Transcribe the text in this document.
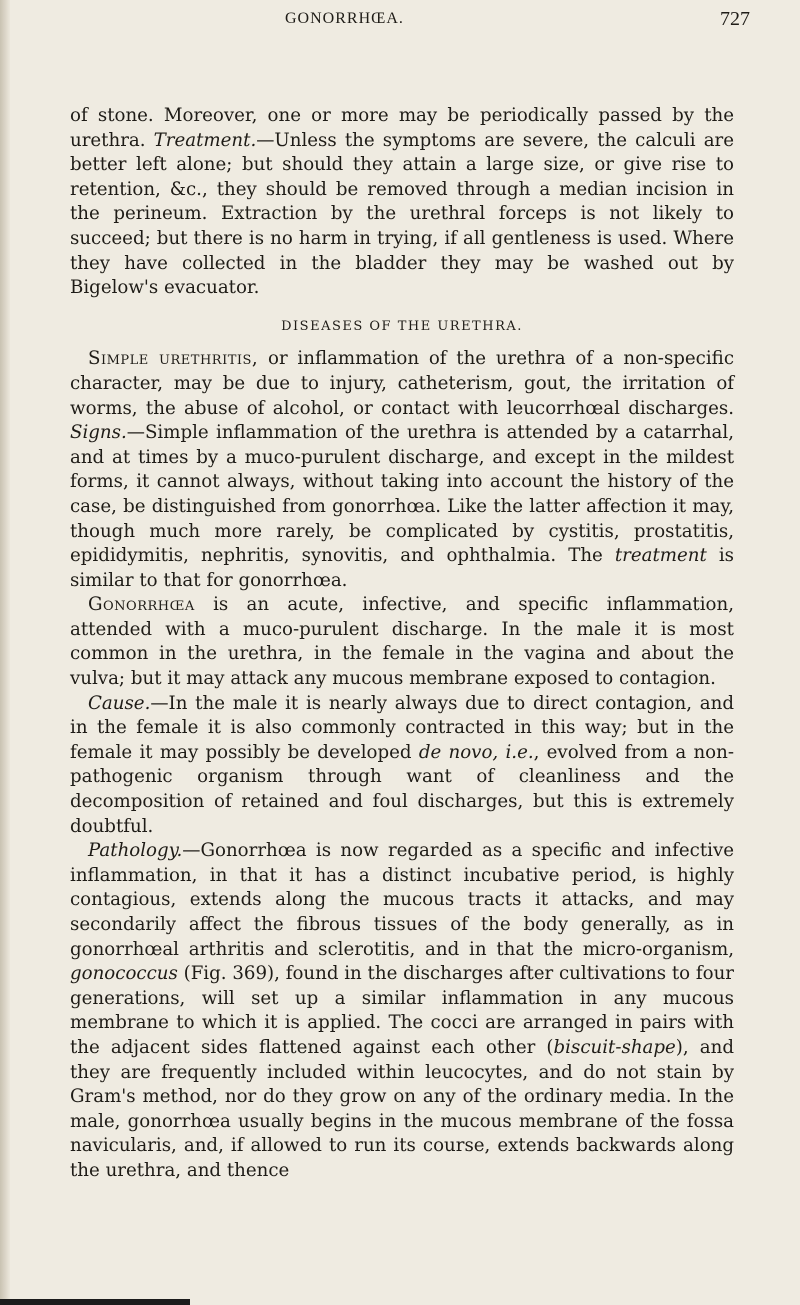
GONORRHŒA.	727

of stone. Moreover, one or more may be periodically passed by the urethra. Treatment.—Unless the symptoms are severe, the calculi are better left alone; but should they attain a large size, or give rise to retention, &c., they should be removed through a median incision in the perineum. Extraction by the urethral forceps is not likely to succeed; but there is no harm in trying, if all gentleness is used. Where they have collected in the bladder they may be washed out by Bigelow's evacuator.

DISEASES OF THE URETHRA.

Simple urethritis, or inflammation of the urethra of a non-specific character, may be due to injury, catheterism, gout, the irritation of worms, the abuse of alcohol, or contact with leucorrhœal discharges. Signs.—Simple inflammation of the urethra is attended by a catarrhal, and at times by a muco-purulent discharge, and except in the mildest forms, it cannot always, without taking into account the history of the case, be distinguished from gonorrhœa. Like the latter affection it may, though much more rarely, be complicated by cystitis, prostatitis, epididymitis, nephritis, synovitis, and ophthalmia. The treatment is similar to that for gonorrhœa.

Gonorrhœa is an acute, infective, and specific inflammation, attended with a muco-purulent discharge. In the male it is most common in the urethra, in the female in the vagina and about the vulva; but it may attack any mucous membrane exposed to contagion.

Cause.—In the male it is nearly always due to direct contagion, and in the female it is also commonly contracted in this way; but in the female it may possibly be developed de novo, i.e., evolved from a non-pathogenic organism through want of cleanliness and the decomposition of retained and foul discharges, but this is extremely doubtful.

Pathology.—Gonorrhœa is now regarded as a specific and infective inflammation, in that it has a distinct incubative period, is highly contagious, extends along the mucous tracts it attacks, and may secondarily affect the fibrous tissues of the body generally, as in gonorrhœal arthritis and sclerotitis, and in that the micro-organism, gonococcus (Fig. 369), found in the discharges after cultivations to four generations, will set up a similar inflammation in any mucous membrane to which it is applied. The cocci are arranged in pairs with the adjacent sides flattened against each other (biscuit-shape), and they are frequently included within leucocytes, and do not stain by Gram's method, nor do they grow on any of the ordinary media. In the male, gonorrhœa usually begins in the mucous membrane of the fossa navicularis, and, if allowed to run its course, extends backwards along the urethra, and thence
